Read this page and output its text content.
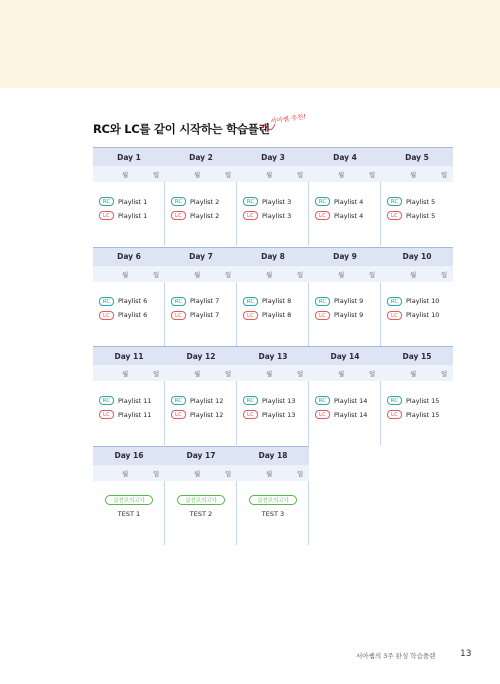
RC와 LC를 같이 시작하는 학습플랜
서아쌤 추천!
Day 1
월	일
RC	Playlist 1
LC	Playlist 1
Day 2
월	일
RC	Playlist 2
LC	Playlist 2
Day 3
월	일
RC	Playlist 3
LC	Playlist 3
Day 4
월	일
RC	Playlist 4
LC	Playlist 4
Day 5
월	일
RC	Playlist 5
LC	Playlist 5
Day 6
월	일
RC	Playlist 6
LC	Playlist 6
Day 7
월	일
RC	Playlist 7
LC	Playlist 7
Day 8
월	일
RC	Playlist 8
LC	Playlist 8
Day 9
월	일
RC	Playlist 9
LC	Playlist 9
Day 10
월	일
RC	Playlist 10
LC	Playlist 10
Day 11
월	일
RC	Playlist 11
LC	Playlist 11
Day 12
월	일
RC	Playlist 12
LC	Playlist 12
Day 13
월	일
RC	Playlist 13
LC	Playlist 13
Day 14
월	일
RC	Playlist 14
LC	Playlist 14
Day 15
월	일
RC	Playlist 15
LC	Playlist 15
Day 16
월	일
실전모의고사
TEST 1
Day 17
월	일
실전모의고사
TEST 2
Day 18
월	일
실전모의고사
TEST 3
서아쌤의 3주 완성 학습플랜	13
